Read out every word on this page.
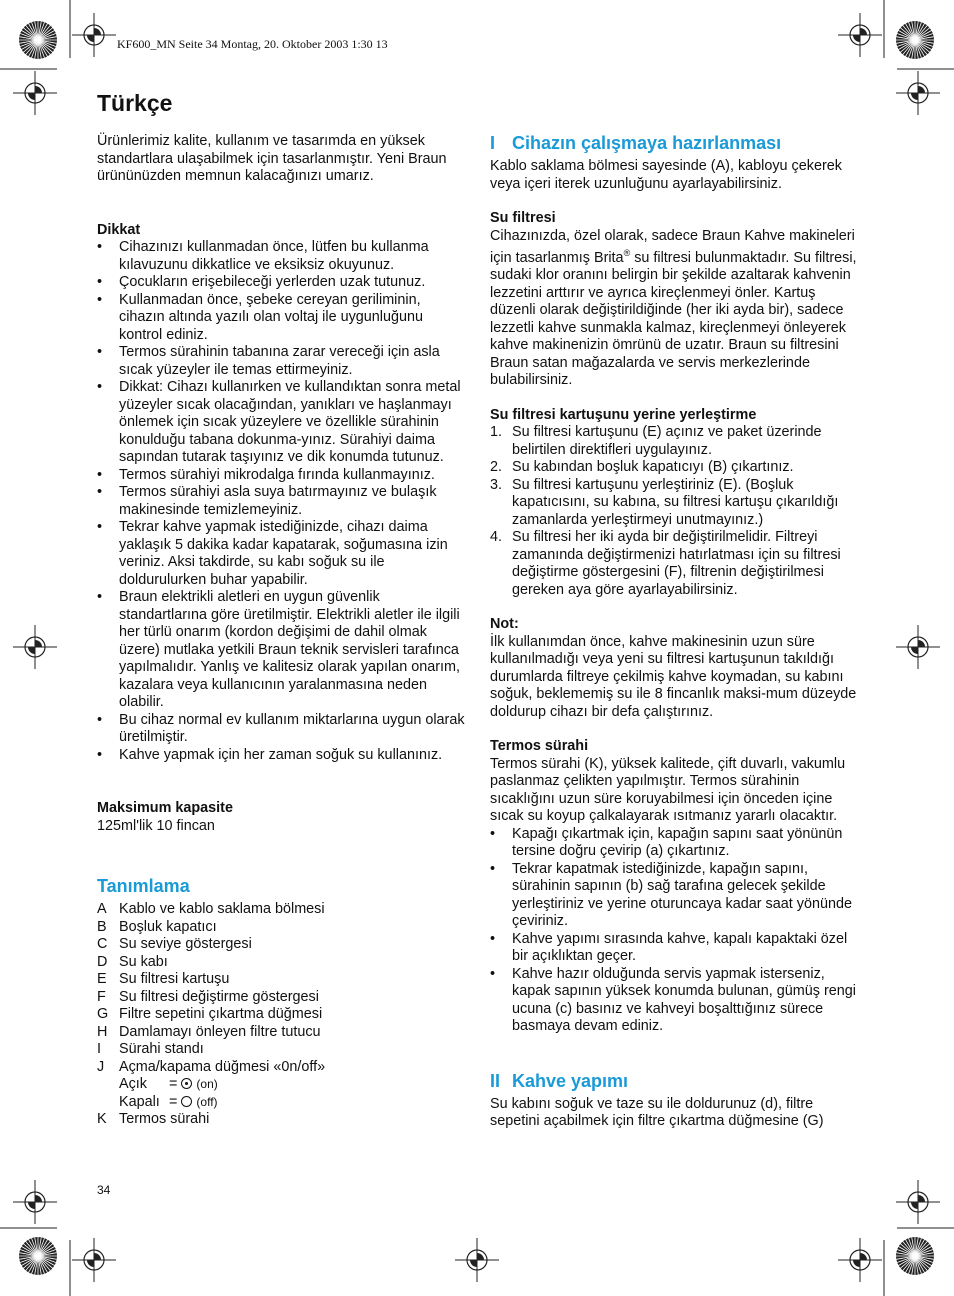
KF600_MN Seite 34 Montag, 20. Oktober 2003 1:30 13
Türkçe

Ürünlerimiz kalite, kullanım ve tasarımda en yüksek standartlara ulaşabilmek için tasarlanmıştır. Yeni Braun ürününüzden memnun kalacağınızı umarız.

Dikkat

• Cihazınızı kullanmadan önce, lütfen bu kullanma kılavuzunu dikkatlice ve eksiksiz okuyunuz.
• Çocukların erişebileceği yerlerden uzak tutunuz.
• Kullanmadan önce, şebeke cereyan geriliminin, cihazın altında yazılı olan voltaj ile uygunluğunu kontrol ediniz.
• Termos sürahinin tabanına zarar vereceği için asla sıcak yüzeyler ile temas ettirmeyiniz.
• Dikkat: Cihazı kullanırken ve kullandıktan sonra metal yüzeyler sıcak olacağından, yanıkları ve haşlanmayı önlemek için sıcak yüzeylere ve özellikle sürahinin konulduğu tabana dokunma-yınız. Sürahiyi daima sapından tutarak taşıyınız ve dik konumda tutunuz.
• Termos sürahiyi mikrodalga fırında kullanmayınız.
• Termos sürahiyi asla suya batırmayınız ve bulaşık makinesinde temizlemeyiniz.
• Tekrar kahve yapmak istediğinizde, cihazı daima yaklaşık 5 dakika kadar kapatarak, soğumasına izin veriniz. Aksi takdirde, su kabı soğuk su ile doldurulurken buhar yapabilir.
• Braun elektrikli aletleri en uygun güvenlik standartlarına göre üretilmiştir. Elektrikli aletler ile ilgili her türlü onarım (kordon değişimi de dahil olmak üzere) mutlaka yetkili Braun teknik servisleri tarafınca yapılmalıdır. Yanlış ve kalitesiz olarak yapılan onarım, kazalara veya kullanıcının yaralanmasına neden olabilir.
• Bu cihaz normal ev kullanım miktarlarına uygun olarak üretilmiştir.
• Kahve yapmak için her zaman soğuk su kullanınız.

Maksimum kapasite

125ml'lik 10 fincan

Tanımlama

A Kablo ve kablo saklama bölmesi
B Boşluk kapatıcı
C Su seviye göstergesi
D Su kabı
E Su filtresi kartuşu
F Su filtresi değiştirme göstergesi
G Filtre sepetini çıkartma düğmesi
H Damlamayı önleyen filtre tutucu
I Sürahi standı
J Açma/kapama düğmesi «0n/off»
Açık = (on)
Kapalı = (off)
K Termos sürahi
34

I Cihazın çalışmaya hazırlanması

Kablo saklama bölmesi sayesinde (A), kabloyu çekerek veya içeri iterek uzunluğunu ayarlayabilirsiniz.

Su filtresi

Cihazınızda, özel olarak, sadece Braun Kahve makineleri için tasarlanmış Brita® su filtresi bulunmaktadır. Su filtresi, sudaki klor oranını belirgin bir şekilde azaltarak kahvenin lezzetini arttırır ve ayrıca kireçlenmeyi önler. Kartuş düzenli olarak değiştirildiğinde (her iki ayda bir), sadece lezzetli kahve sunmakla kalmaz, kireçlenmeyi önleyerek kahve makinenizin ömrünü de uzatır. Braun su filtresini Braun satan mağazalarda ve servis merkezlerinde bulabilirsiniz.

Su filtresi kartuşunu yerine yerleştirme

1. Su filtresi kartuşunu (E) açınız ve paket üzerinde belirtilen direktifleri uygulayınız.
2. Su kabından boşluk kapatıcıyı (B) çıkartınız.
3. Su filtresi kartuşunu yerleştiriniz (E). (Boşluk kapatıcısını, su kabına, su filtresi kartuşu çıkarıldığı zamanlarda yerleştirmeyi unutmayınız.)
4. Su filtresi her iki ayda bir değiştirilmelidir. Filtreyi zamanında değiştirmenizi hatırlatması için su filtresi değiştirme göstergesini (F), filtrenin değiştirilmesi gereken aya göre ayarlayabilirsiniz.

Not:

İlk kullanımdan önce, kahve makinesinin uzun süre kullanılmadığı veya yeni su filtresi kartuşunun takıldığı durumlarda filtreye çekilmiş kahve koymadan, su kabını soğuk, beklememiş su ile 8 fincanlık maksi-mum düzeyde doldurup cihazı bir defa çalıştırınız.

Termos sürahi

Termos sürahi (K), yüksek kalitede, çift duvarlı, vakumlu paslanmaz çelikten yapılmıştır. Termos sürahinin sıcaklığını uzun süre koruyabilmesi için önceden içine sıcak su koyup çalkalayarak ısıtmanız yararlı olacaktır.

• Kapağı çıkartmak için, kapağın sapını saat yönünün tersine doğru çevirip (a) çıkartınız.
• Tekrar kapatmak istediğinizde, kapağın sapını, sürahinin sapının (b) sağ tarafına gelecek şekilde yerleştiriniz ve yerine oturuncaya kadar saat yönünde çeviriniz.
• Kahve yapımı sırasında kahve, kapalı kapaktaki özel bir açıklıktan geçer.
• Kahve hazır olduğunda servis yapmak isterseniz, kapak sapının yüksek konumda bulunan, gümüş rengi ucuna (c) basınız ve kahveyi boşalttığınız sürece basmaya devam ediniz.

II Kahve yapımı

Su kabını soğuk ve taze su ile doldurunuz (d), filtre sepetini açabilmek için filtre çıkartma düğmesine (G)
